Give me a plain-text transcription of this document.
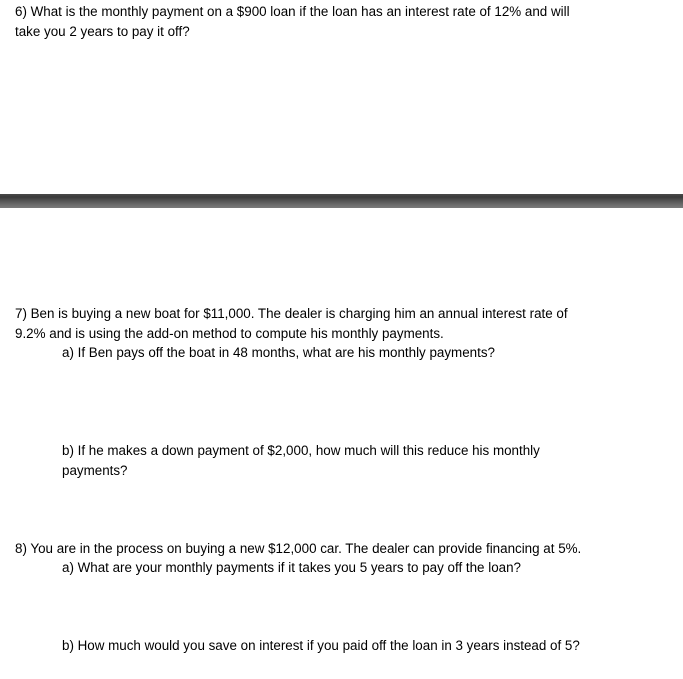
6) What is the monthly payment on a $900 loan if the loan has an interest rate of 12% and will
take you 2 years to pay it off?
7) Ben is buying a new boat for $11,000. The dealer is charging him an annual interest rate of
9.2% and is using the add-on method to compute his monthly payments.
a) If Ben pays off the boat in 48 months, what are his monthly payments?
b) If he makes a down payment of $2,000, how much will this reduce his monthly
payments?
8) You are in the process on buying a new $12,000 car. The dealer can provide financing at 5%.
a) What are your monthly payments if it takes you 5 years to pay off the loan?
b) How much would you save on interest if you paid off the loan in 3 years instead of 5?
